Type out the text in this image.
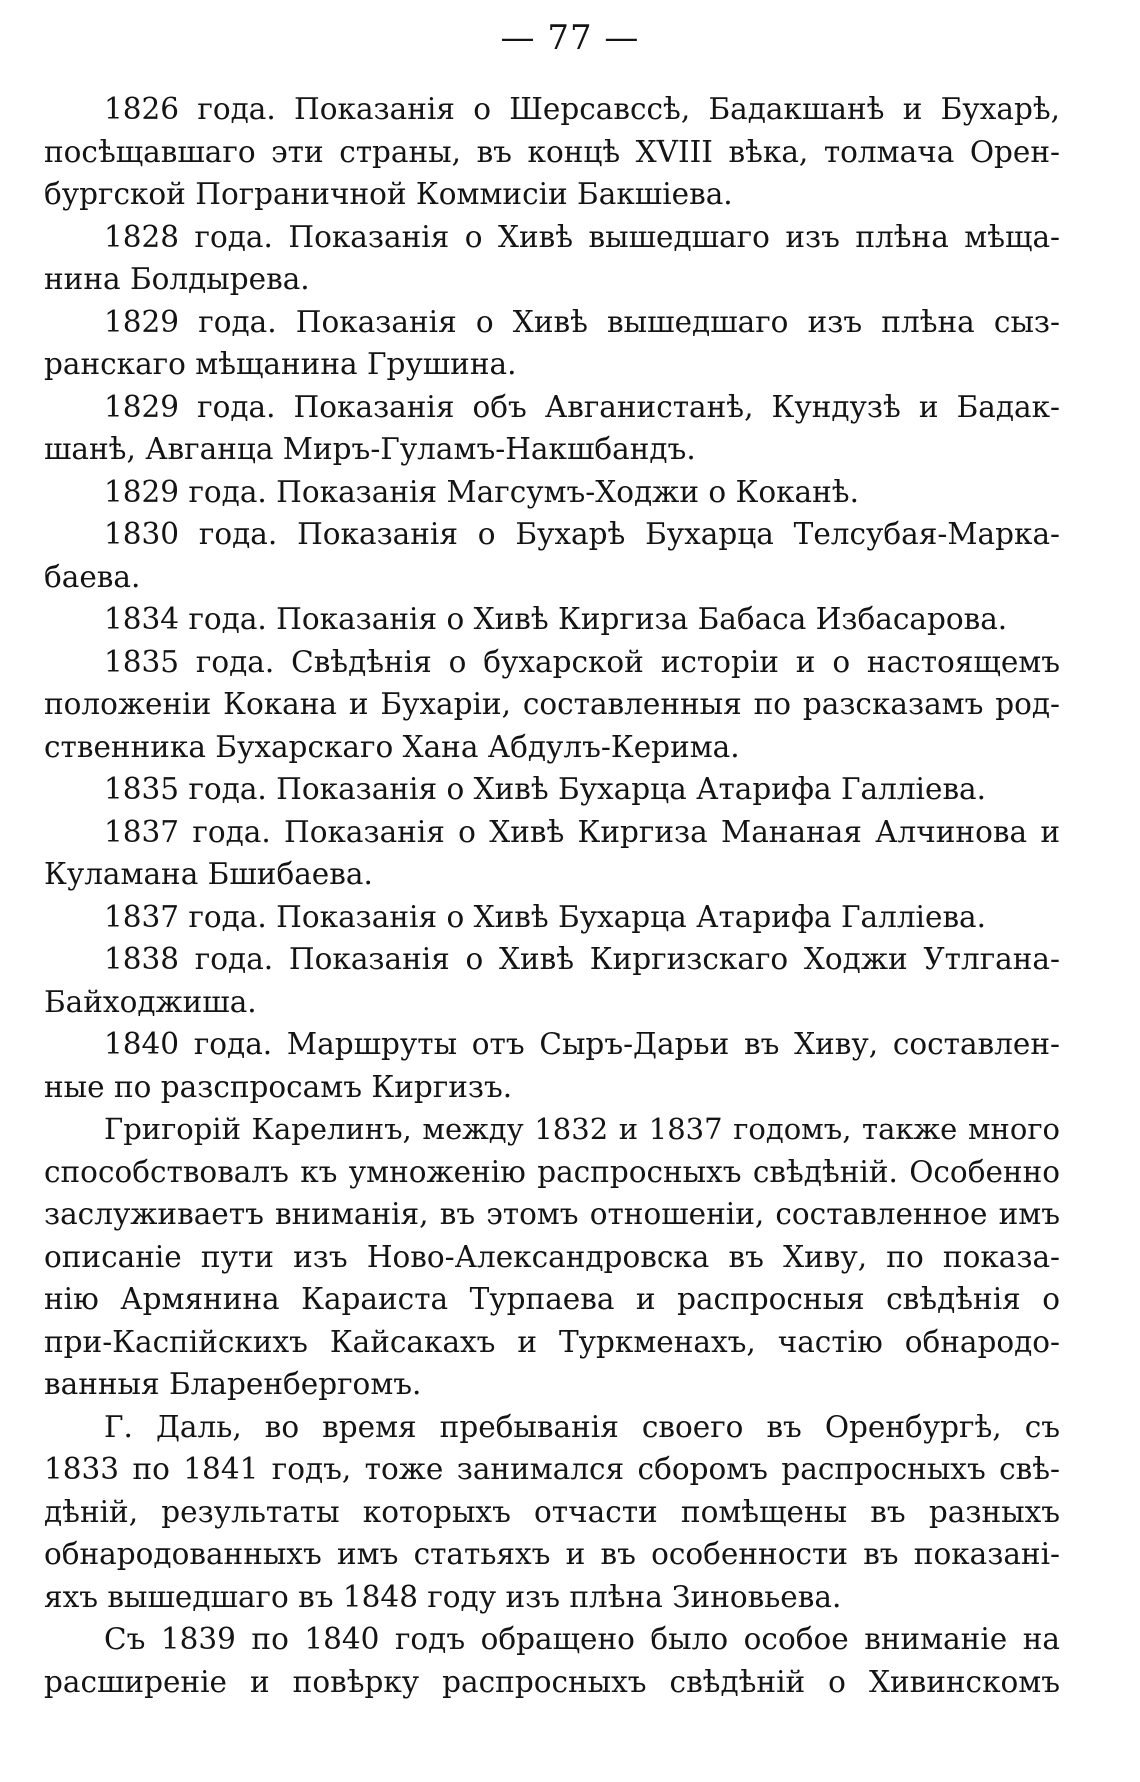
— 77 —
1826 года. Показанія о Шерсавссѣ, Бадакшанѣ и Бухарѣ,
посѣщавшаго эти страны, въ концѣ XVIII вѣка, толмача Орен-
бургской Пограничной Коммисіи Бакшіева.
1828 года. Показанія о Хивѣ вышедшаго изъ плѣна мѣща-
нина Болдырева.
1829 года. Показанія о Хивѣ вышедшаго изъ плѣна сыз-
ранскаго мѣщанина Грушина.
1829 года. Показанія объ Авганистанѣ, Кундузѣ и Бадак-
шанѣ, Авганца Миръ-Гуламъ-Накшбандъ.
1829 года. Показанія Магсумъ-Ходжи о Коканѣ.
1830 года. Показанія о Бухарѣ Бухарца Телсубая-Марка-
баева.
1834 года. Показанія о Хивѣ Киргиза Бабаса Избасарова.
1835 года. Свѣдѣнія о бухарской исторіи и о настоящемъ
положеніи Кокана и Бухаріи, составленныя по разсказамъ род-
ственника Бухарскаго Хана Абдулъ-Керима.
1835 года. Показанія о Хивѣ Бухарца Атарифа Галліева.
1837 года. Показанія о Хивѣ Киргиза Мананая Алчинова и
Куламана Бшибаева.
1837 года. Показанія о Хивѣ Бухарца Атарифа Галліева.
1838 года. Показанія о Хивѣ Киргизскаго Ходжи Утлгана-
Байходжиша.
1840 года. Маршруты отъ Сыръ-Дарьи въ Хиву, составлен-
ные по разспросамъ Киргизъ.
Григорій Карелинъ, между 1832 и 1837 годомъ, также много
способствовалъ къ умноженію распросныхъ свѣдѣній. Особенно
заслуживаетъ вниманія, въ этомъ отношеніи, составленное имъ
описаніе пути изъ Ново-Александровска въ Хиву, по показа-
нію Армянина Караиста Турпаева и распросныя свѣдѣнія о
при-Каспійскихъ Кайсакахъ и Туркменахъ, частію обнародо-
ванныя Бларенбергомъ.
Г. Даль, во время пребыванія своего въ Оренбургѣ, съ
1833 по 1841 годъ, тоже занимался сборомъ распросныхъ свѣ-
дѣній, результаты которыхъ отчасти помѣщены въ разныхъ
обнародованныхъ имъ статьяхъ и въ особенности въ показані-
яхъ вышедшаго въ 1848 году изъ плѣна Зиновьева.
Съ 1839 по 1840 годъ обращено было особое вниманіе на
расширеніе и повѣрку распросныхъ свѣдѣній о Хивинскомъ
